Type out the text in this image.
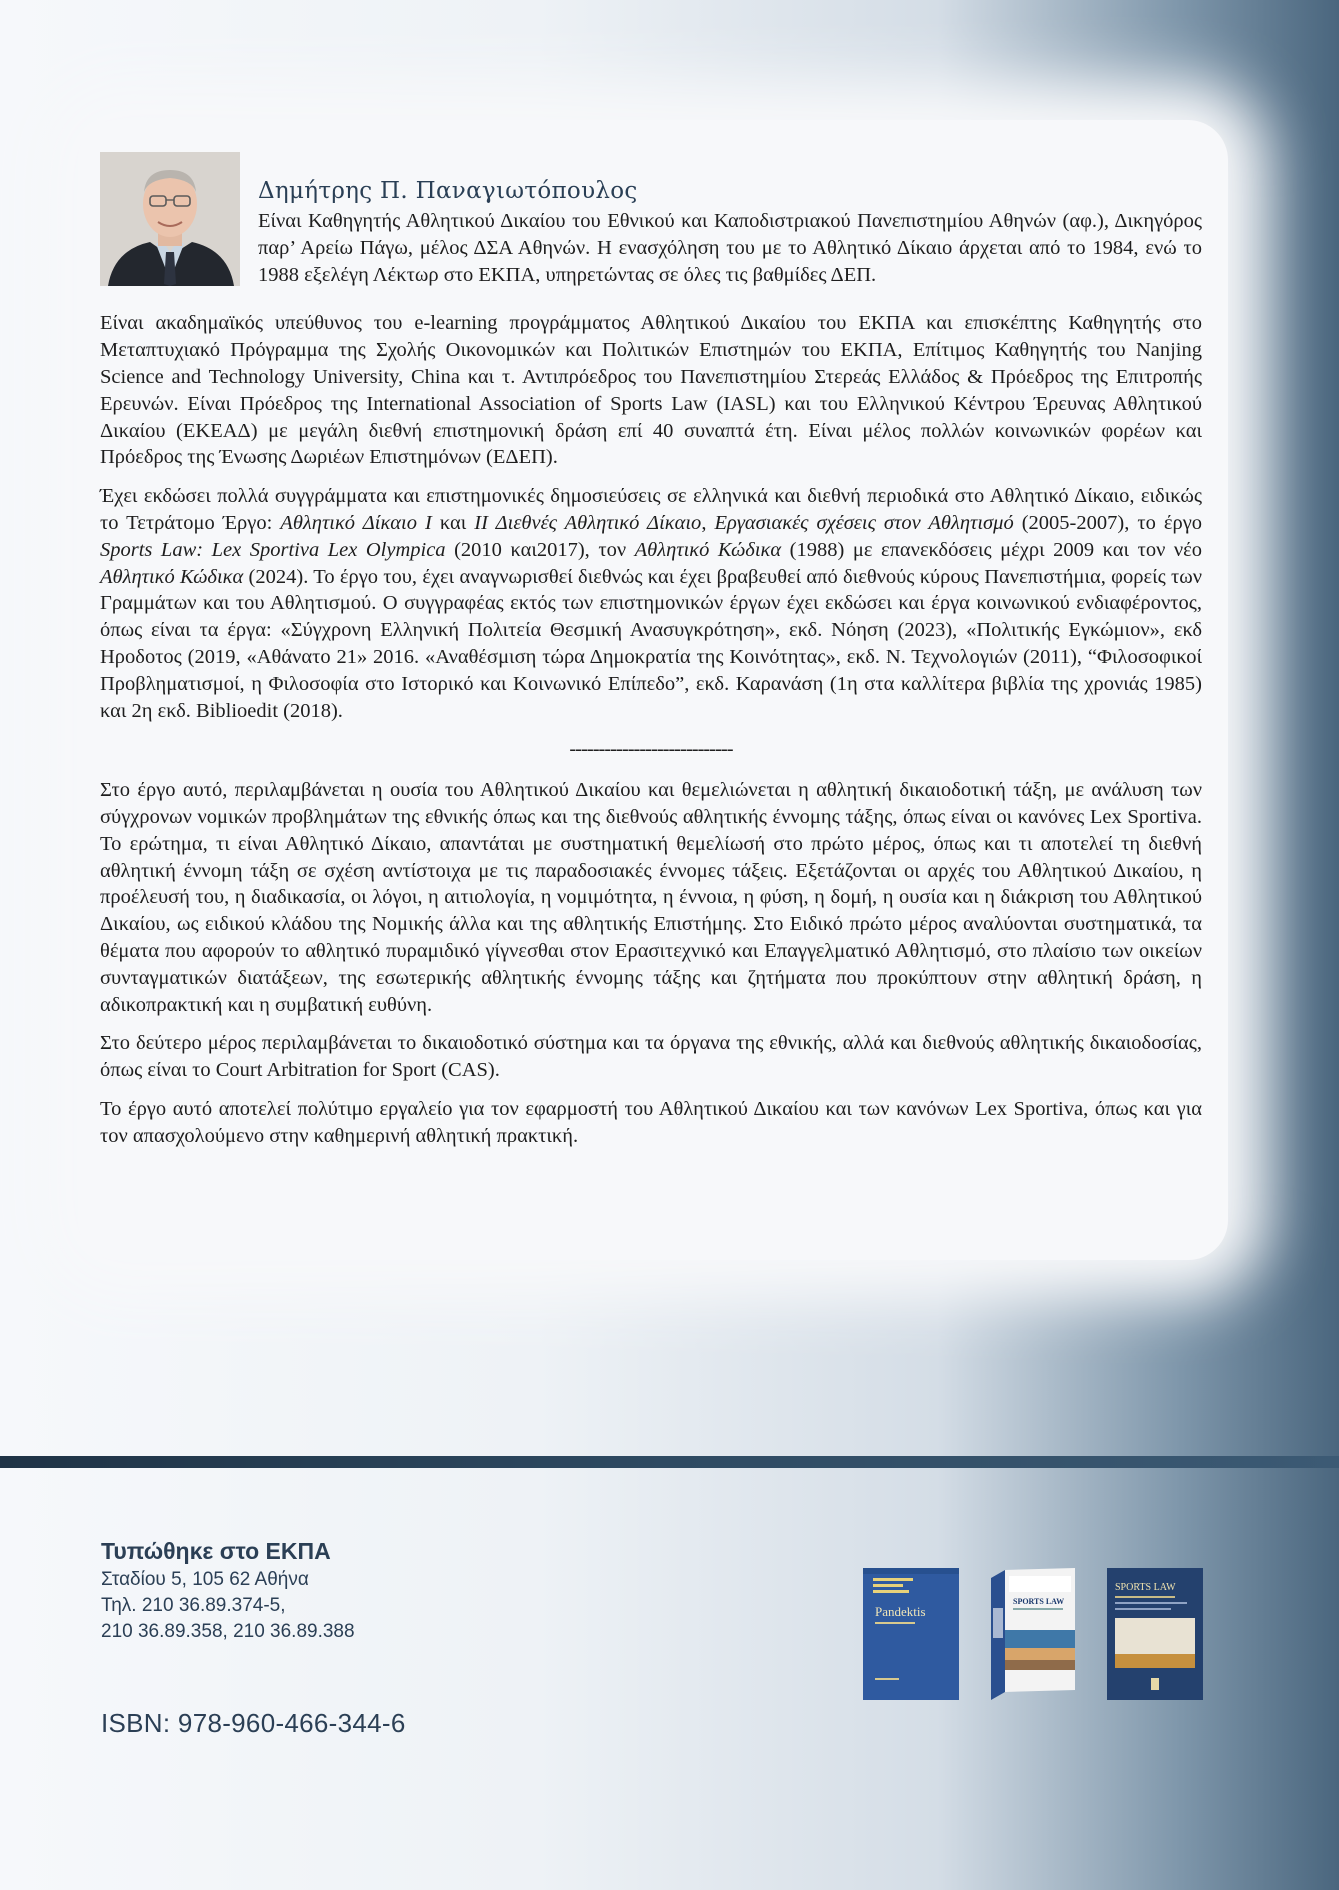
Δημήτρης Π. Παναγιωτόπουλος

Είναι Καθηγητής Αθλητικού Δικαίου του Εθνικού και Καποδιστριακού Πανεπιστημίου Αθηνών (αφ.), Δικηγόρος παρ’ Αρείω Πάγω, μέλος ΔΣΑ Αθηνών. Η ενασχόληση του με το Αθλητικό Δίκαιο άρχεται από το 1984, ενώ το 1988 εξελέγη Λέκτωρ στο ΕΚΠΑ, υπηρετώντας σε όλες τις βαθμίδες ΔΕΠ.

Είναι ακαδημαϊκός υπεύθυνος του e-learning προγράμματος Αθλητικού Δικαίου του ΕΚΠΑ και επισκέπτης Καθηγητής στο Μεταπτυχιακό Πρόγραμμα της Σχολής Οικονομικών και Πολιτικών Επιστημών του ΕΚΠΑ, Επίτιμος Καθηγητής του Nanjing Science and Technology University, China και τ. Αντιπρόεδρος του Πανεπιστημίου Στερεάς Ελλάδος & Πρόεδρος της Επιτροπής Ερευνών. Είναι Πρόεδρος της International Association of Sports Law (IASL) και του Ελληνικού Κέντρου Έρευνας Αθλητικού Δικαίου (ΕΚΕΑΔ) με μεγάλη διεθνή επιστημονική δράση επί 40 συναπτά έτη. Είναι μέλος πολλών κοινωνικών φορέων και Πρόεδρος της Ένωσης Δωριέων Επιστημόνων (ΕΔΕΠ).

Έχει εκδώσει πολλά συγγράμματα και επιστημονικές δημοσιεύσεις σε ελληνικά και διεθνή περιοδικά στο Αθλητικό Δίκαιο, ειδικώς το Τετράτομο Έργο: Αθλητικό Δίκαιο Ι και ΙΙ Διεθνές Αθλητικό Δίκαιο, Εργασιακές σχέσεις στον Αθλητισμό (2005-2007), το έργο Sports Law: Lex Sportiva Lex Olympica (2010 και2017), τον Αθλητικό Κώδικα (1988) με επανεκδόσεις μέχρι 2009 και τον νέο Αθλητικό Κώδικα (2024). Το έργο του, έχει αναγνωρισθεί διεθνώς και έχει βραβευθεί από διεθνούς κύρους Πανεπιστήμια, φορείς των Γραμμάτων και του Αθλητισμού. Ο συγγραφέας εκτός των επιστημονικών έργων έχει εκδώσει και έργα κοινωνικού ενδιαφέροντος, όπως είναι τα έργα: «Σύγχρονη Ελληνική Πολιτεία Θεσμική Ανασυγκρότηση», εκδ. Νόηση (2023), «Πολιτικής Εγκώμιον», εκδ Ηροδοτος (2019, «Αθάνατο 21» 2016. «Αναθέσμιση τώρα Δημοκρατία της Κοινότητας», εκδ. Ν. Τεχνολογιών (2011), “Φιλοσοφικοί Προβληματισμοί, η Φιλοσοφία στο Ιστορικό και Κοινωνικό Επίπεδο”, εκδ. Καρανάση (1η στα καλλίτερα βιβλία της χρονιάς 1985) και 2η εκδ. Biblioedit (2018).

----------------------------

Στο έργο αυτό, περιλαμβάνεται η ουσία του Αθλητικού Δικαίου και θεμελιώνεται η αθλητική δικαιοδοτική τάξη, με ανάλυση των σύγχρονων νομικών προβλημάτων της εθνικής όπως και της διεθνούς αθλητικής έννομης τάξης, όπως είναι οι κανόνες Lex Sportiva. Το ερώτημα, τι είναι Αθλητικό Δίκαιο, απαντάται με συστηματική θεμελίωσή στο πρώτο μέρος, όπως και τι αποτελεί τη διεθνή αθλητική έννομη τάξη σε σχέση αντίστοιχα με τις παραδοσιακές έννομες τάξεις. Εξετάζονται οι αρχές του Αθλητικού Δικαίου, η προέλευσή του, η διαδικασία, οι λόγοι, η αιτιολογία, η νομιμότητα, η έννοια, η φύση, η δομή, η ουσία και η διάκριση του Αθλητικού Δικαίου, ως ειδικού κλάδου της Νομικής άλλα και της αθλητικής Επιστήμης. Στο Ειδικό πρώτο μέρος αναλύονται συστηματικά, τα θέματα που αφορούν το αθλητικό πυραμιδικό γίγνεσθαι στον Ερασιτεχνικό και Επαγγελματικό Αθλητισμό, στο πλαίσιο των οικείων συνταγματικών διατάξεων, της εσωτερικής αθλητικής έννομης τάξης και ζητήματα που προκύπτουν στην αθλητική δράση, η αδικοπρακτική και η συμβατική ευθύνη.

Στο δεύτερο μέρος περιλαμβάνεται το δικαιοδοτικό σύστημα και τα όργανα της εθνικής, αλλά και διεθνούς αθλητικής δικαιοδοσίας, όπως είναι το Court Arbitration for Sport (CAS).

Το έργο αυτό αποτελεί πολύτιμο εργαλείο για τον εφαρμοστή του Αθλητικού Δικαίου και των κανόνων Lex Sportiva, όπως και για τον απασχολούμενο στην καθημερινή αθλητική πρακτική.

Τυπώθηκε στο ΕΚΠΑ
Σταδίου 5, 105 62 Αθήνα
Τηλ. 210 36.89.374-5,
210 36.89.358, 210 36.89.388
ISBN: 978-960-466-344-6
Pandektis
SPORTS LAW
SPORTS LAW
